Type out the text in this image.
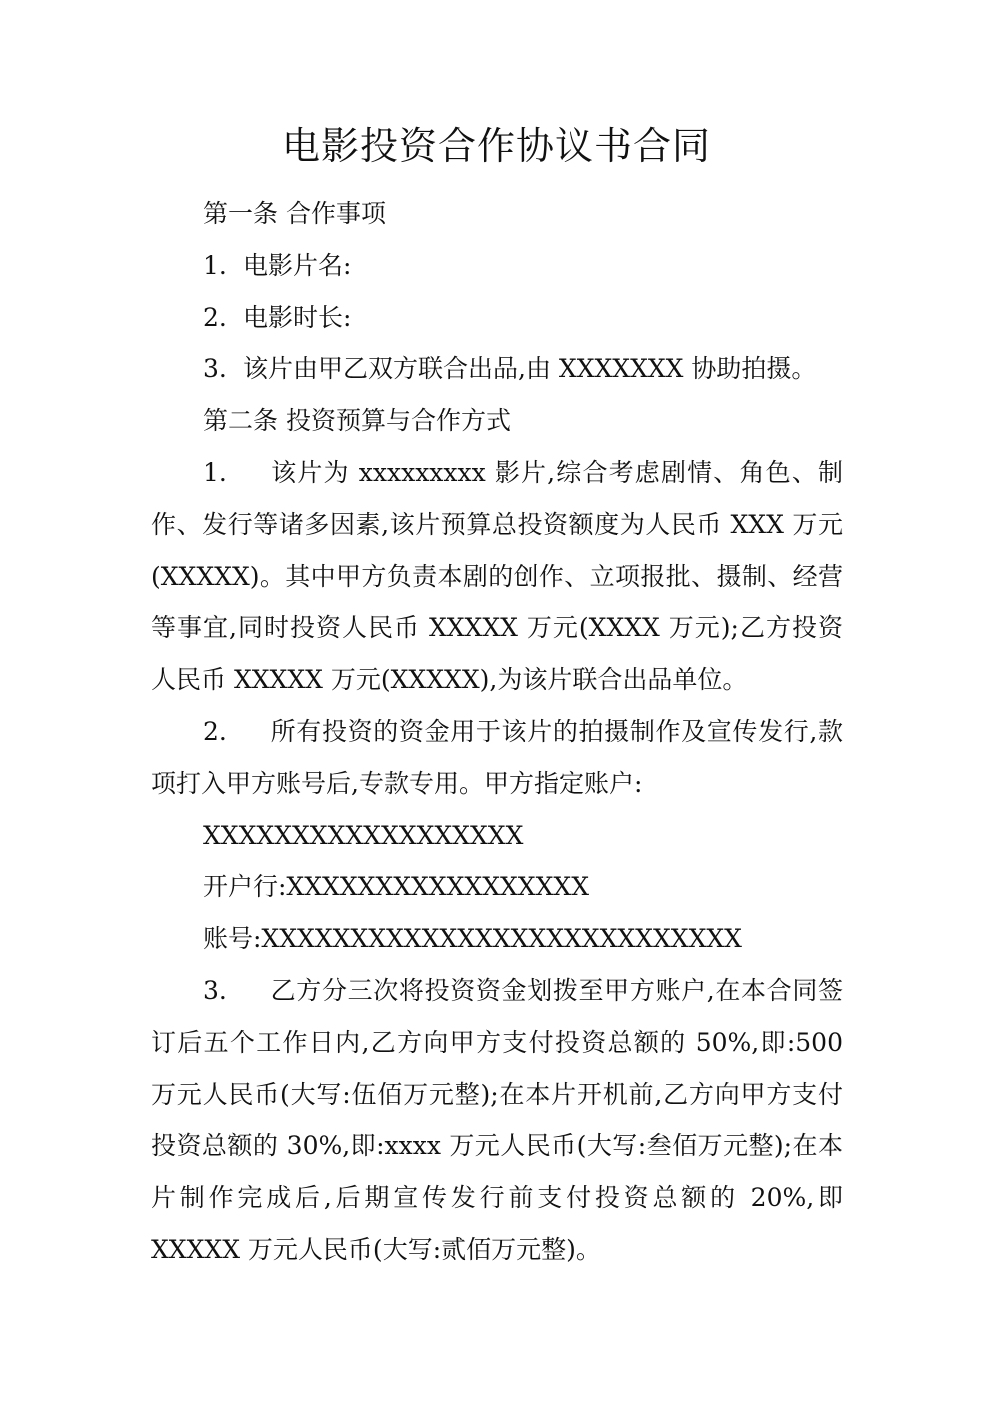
电影投资合作协议书合同

第一条 合作事项

1. 电影片名:

2. 电影时长:

3. 该片由甲乙双方联合出品,由 XXXXXXX 协助拍摄。

第二条 投资预算与合作方式

1. 该片为 xxxxxxxxx 影片,综合考虑剧情、角色、制作、发行等诸多因素,该片预算总投资额度为人民币 XXX 万元(XXXXX)。其中甲方负责本剧的创作、立项报批、摄制、经营等事宜,同时投资人民币 XXXXX 万元(XXXX 万元);乙方投资人民币 XXXXX 万元(XXXXX),为该片联合出品单位。

2. 所有投资的资金用于该片的拍摄制作及宣传发行,款项打入甲方账号后,专款专用。甲方指定账户:

XXXXXXXXXXXXXXXXXX

开户行:XXXXXXXXXXXXXXXXX

账号:XXXXXXXXXXXXXXXXXXXXXXXXXXX

3. 乙方分三次将投资资金划拨至甲方账户,在本合同签订后五个工作日内,乙方向甲方支付投资总额的 50%,即:500 万元人民币(大写:伍佰万元整);在本片开机前,乙方向甲方支付投资总额的 30%,即:xxxx 万元人民币(大写:叁佰万元整);在本片制作完成后,后期宣传发行前支付投资总额的 20%,即 XXXXX 万元人民币(大写:贰佰万元整)。
